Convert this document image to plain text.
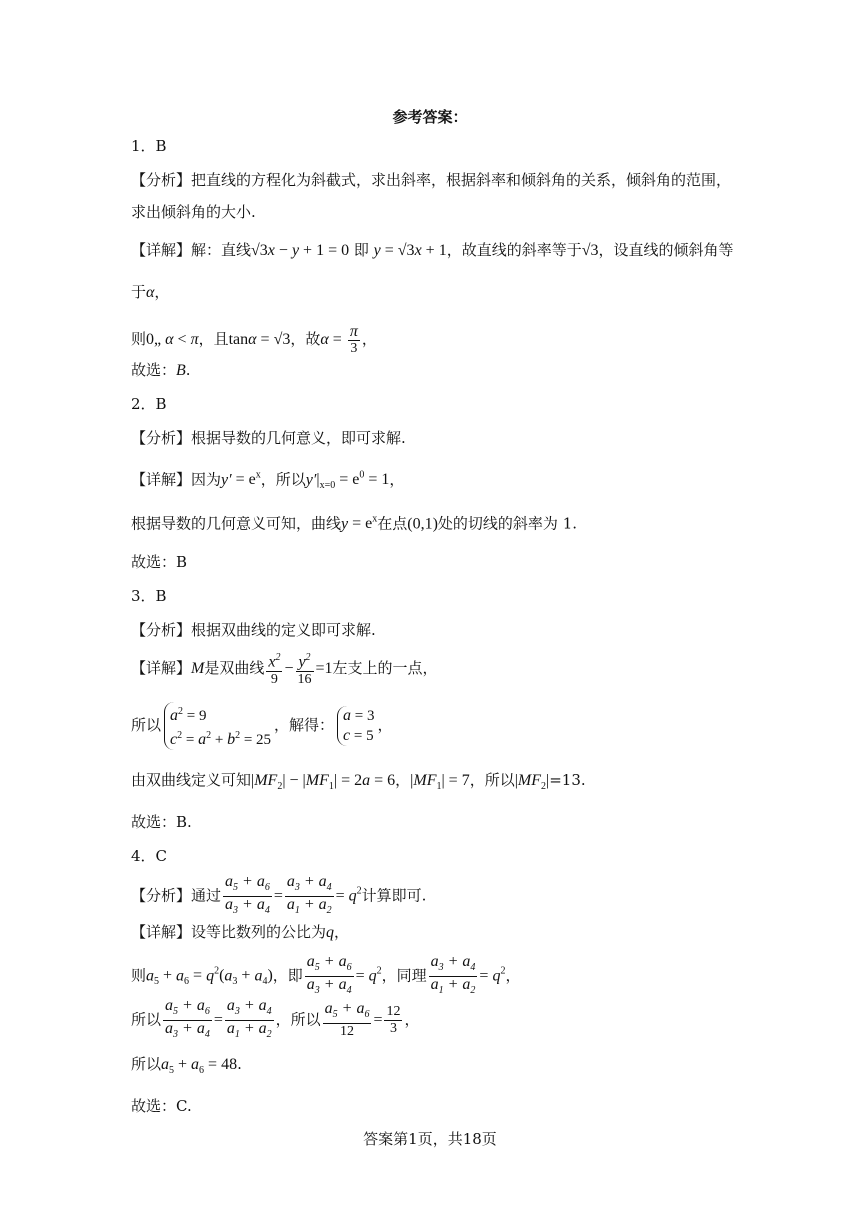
参考答案：
1．B
【分析】把直线的方程化为斜截式，求出斜率，根据斜率和倾斜角的关系，倾斜角的范围，
求出倾斜角的大小.
【详解】解：直线√3x − y + 1 = 0 即 y = √3x + 1，故直线的斜率等于√3，设直线的倾斜角等
于α，
则0„ α < π，且tanα = √3，故$\alpha = \frac{\pi}{3}$ ，
故选：B.
2．B
【分析】根据导数的几何意义，即可求解.
【详解】因为$y' = e^x$，所以$y'|_{x=0} = e^0 = 1$，
根据导数的几何意义可知，曲线$y = e^x$在点(0,1)处的切线的斜率为 1.
故选：B
3．B
【分析】根据双曲线的定义即可求解.
【详解】M是双曲线 $\frac{x^2}{9} - \frac{y^2}{16} =1$左支上的一点，
所以$a^2 = 9$
$c^2 = a^2 + b^2 = 25$，解得：a = 3
c = 5，
由双曲线定义可知$|MF_2| - |MF_1| = 2a = 6$，$|MF_1| = 7$，所以$|MF_2|=13$.
故选：B.
4．C
【分析】通过 $\frac{a_5 + a_6}{a_3 + a_4} = \frac{a_3 + a_4}{a_1 + a_2} = q^2$计算即可.
【详解】设等比数列的公比为q，
则$a_5 + a_6 = q^2(a_3 + a_4)$，即 $\frac{a_5 + a_6}{a_3 + a_4} = q^2$，同理 $\frac{a_3 + a_4}{a_1 + a_2} = q^2$，
所以 $\frac{a_5 + a_6}{a_3 + a_4} = \frac{a_3 + a_4}{a_1 + a_2}$ ，所以 $\frac{a_5 + a_6}{12} = \frac{12}{3}$ ，
所以$a_5 + a_6 = 48$.
故选：C.
答案第1页，共18页
